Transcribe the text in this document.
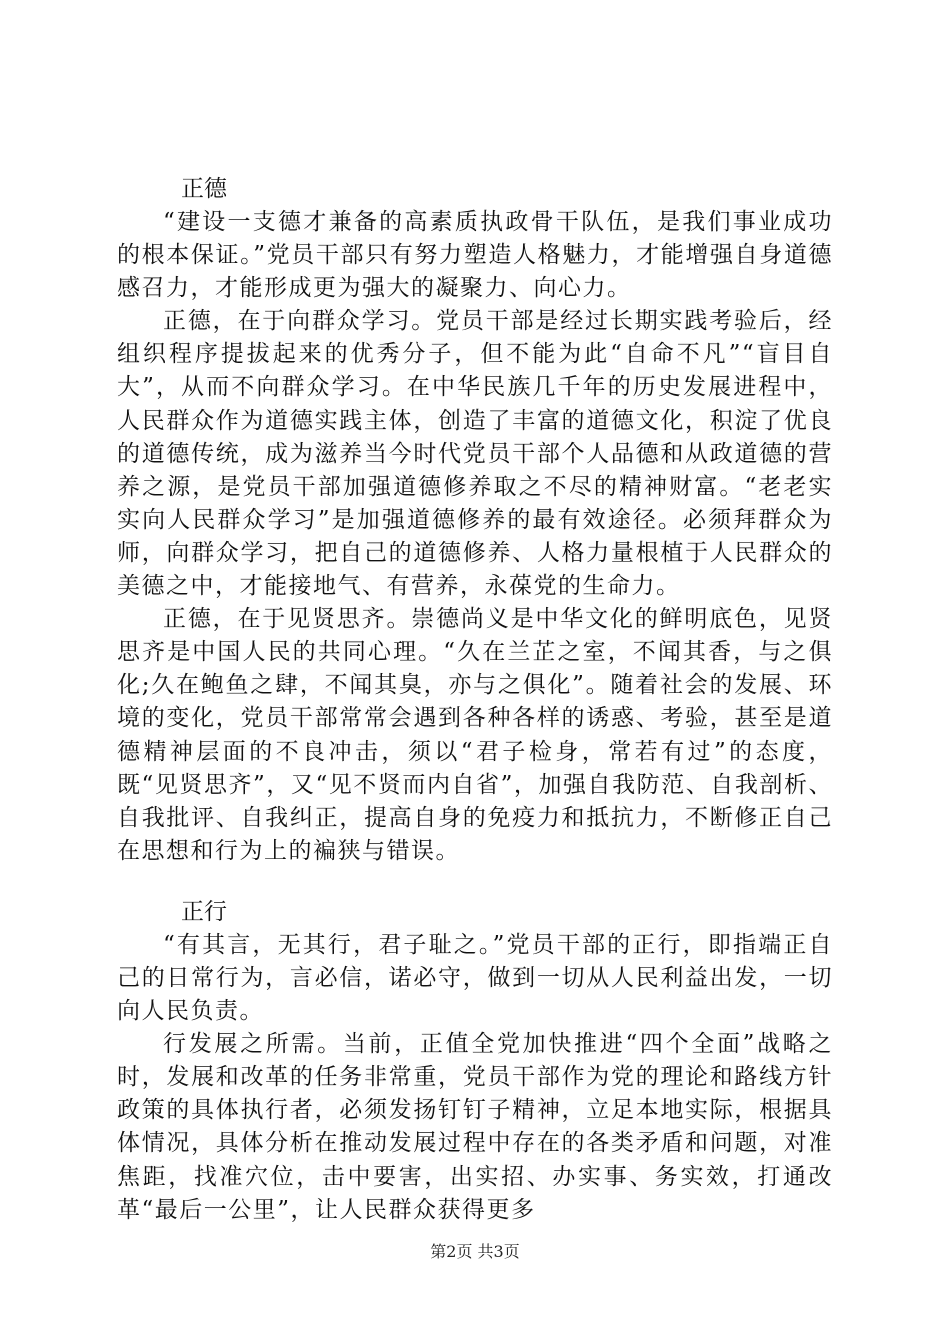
正德

“建设一支德才兼备的高素质执政骨干队伍，是我们事业成功的根本保证。”党员干部只有努力塑造人格魅力，才能增强自身道德感召力，才能形成更为强大的凝聚力、向心力。

正德，在于向群众学习。党员干部是经过长期实践考验后，经组织程序提拔起来的优秀分子，但不能为此“自命不凡”“盲目自大”，从而不向群众学习。在中华民族几千年的历史发展进程中，人民群众作为道德实践主体，创造了丰富的道德文化，积淀了优良的道德传统，成为滋养当今时代党员干部个人品德和从政道德的营养之源，是党员干部加强道德修养取之不尽的精神财富。“老老实实向人民群众学习”是加强道德修养的最有效途径。必须拜群众为师，向群众学习，把自己的道德修养、人格力量根植于人民群众的美德之中，才能接地气、有营养，永葆党的生命力。

正德，在于见贤思齐。崇德尚义是中华文化的鲜明底色，见贤思齐是中国人民的共同心理。“久在兰芷之室，不闻其香，与之俱化;久在鲍鱼之肆，不闻其臭，亦与之俱化”。随着社会的发展、环境的变化，党员干部常常会遇到各种各样的诱惑、考验，甚至是道德精神层面的不良冲击，须以“君子检身，常若有过”的态度，既“见贤思齐”，又“见不贤而内自省”，加强自我防范、自我剖析、自我批评、自我纠正，提高自身的免疫力和抵抗力，不断修正自己在思想和行为上的褊狭与错误。

正行

“有其言，无其行，君子耻之。”党员干部的正行，即指端正自己的日常行为，言必信，诺必守，做到一切从人民利益出发，一切向人民负责。

行发展之所需。当前，正值全党加快推进“四个全面”战略之时，发展和改革的任务非常重，党员干部作为党的理论和路线方针政策的具体执行者，必须发扬钉钉子精神，立足本地实际，根据具体情况，具体分析在推动发展过程中存在的各类矛盾和问题，对准焦距，找准穴位，击中要害，出实招、办实事、务实效，打通改革“最后一公里”，让人民群众获得更多

第2页 共3页
